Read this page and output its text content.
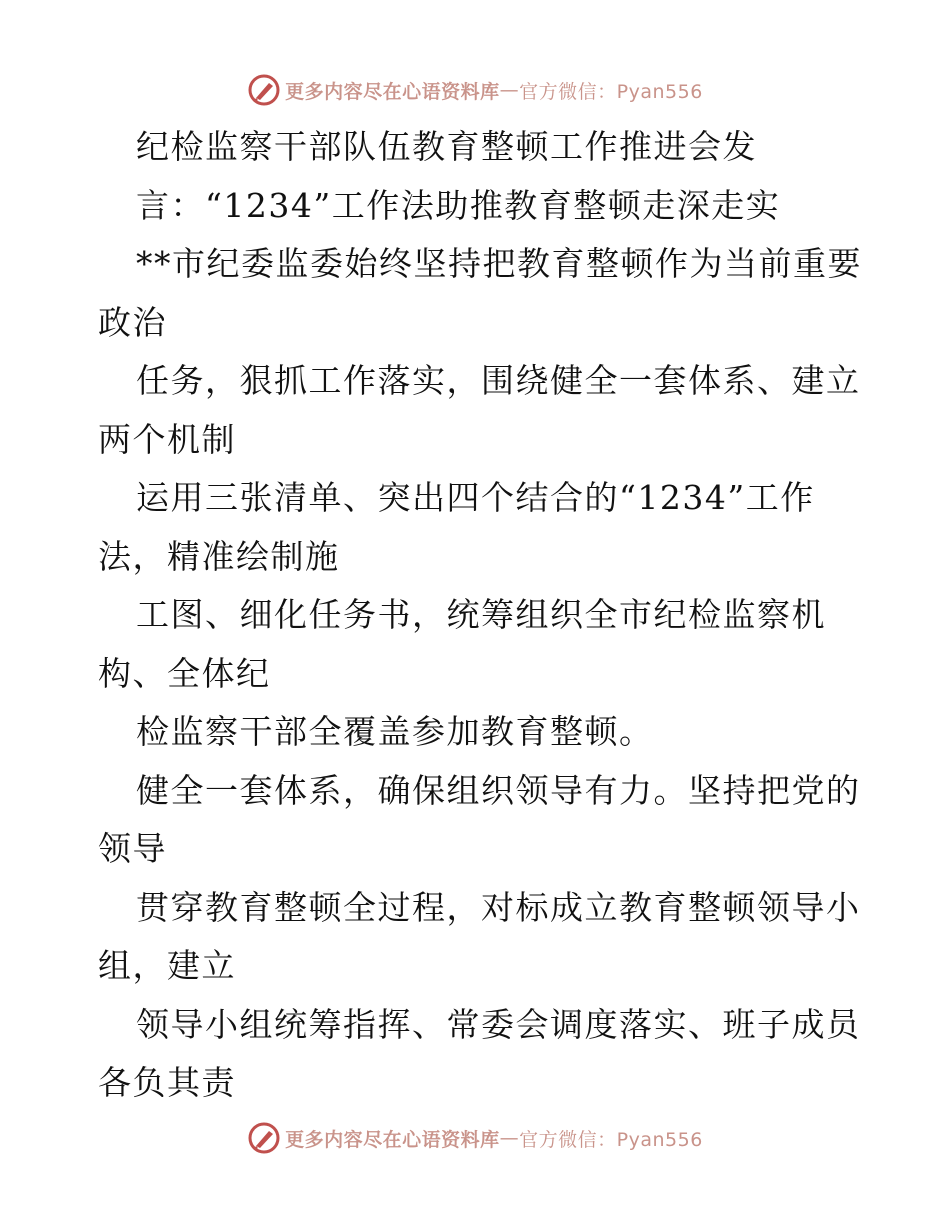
更多内容尽在心语资料库 — 官方微信：Pyan556
纪检监察干部队伍教育整顿工作推进会发
言：“1234”工作法助推教育整顿走深走实
**市纪委监委始终坚持把教育整顿作为当前重要
政治
任务，狠抓工作落实，围绕健全一套体系、建立
两个机制
运用三张清单、突出四个结合的“1234”工作
法，精准绘制施
工图、细化任务书，统筹组织全市纪检监察机
构、全体纪
检监察干部全覆盖参加教育整顿。
健全一套体系，确保组织领导有力。坚持把党的
领导
贯穿教育整顿全过程，对标成立教育整顿领导小
组，建立
领导小组统筹指挥、常委会调度落实、班子成员
各负其责
更多内容尽在心语资料库 — 官方微信：Pyan556
